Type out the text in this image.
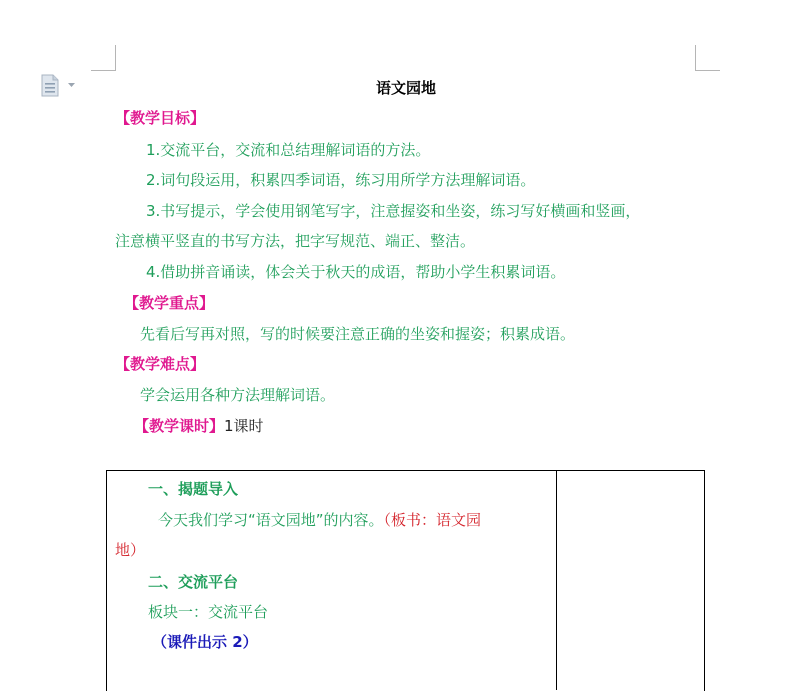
语文园地
【教学目标】
1.交流平台，交流和总结理解词语的方法。
2.词句段运用，积累四季词语，练习用所学方法理解词语。
3.书写提示，学会使用钢笔写字，注意握姿和坐姿，练习写好横画和竖画，
注意横平竖直的书写方法，把字写规范、端正、整洁。
4.借助拼音诵读，体会关于秋天的成语，帮助小学生积累词语。
【教学重点】
先看后写再对照，写的时候要注意正确的坐姿和握姿；积累成语。
【教学难点】
学会运用各种方法理解词语。
【教学课时】1课时
一、揭题导入
今天我们学习“语文园地”的内容。（板书：语文园
地）
二、交流平台
板块一：交流平台
（课件出示 2）
